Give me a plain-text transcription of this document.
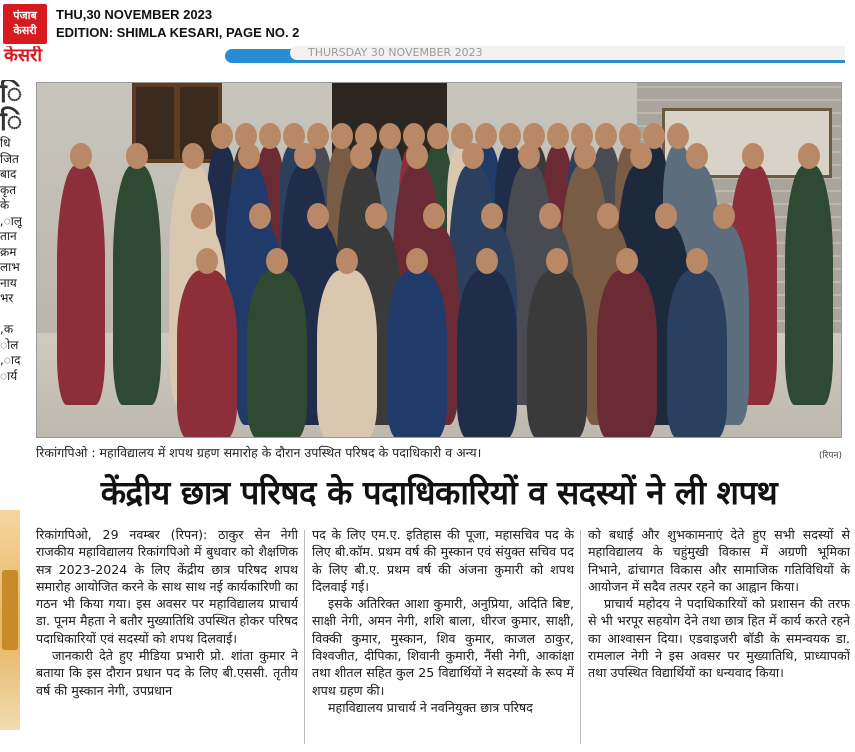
पंजाब
केसरी
THU,30 NOVEMBER 2023
EDITION: SHIMLA KESARI, PAGE NO. 2
केसरी	THURSDAY 30 NOVEMBER 2023
ि
ि
धि
जित
बाद
कृत
के
ालू,
तान
क्रम
लाभ
नाय
भर

क,
ोल
ाद,
ार्य
रिकांगपिओ : महाविद्यालय में शपथ ग्रहण समारोह के दौरान उपस्थित परिषद के पदाधिकारी व अन्य।	(रिपन)
केंद्रीय छात्र परिषद के पदाधिकारियों व सदस्यों ने ली शपथ

रिकांगपिओ, 29 नवम्बर (रिपन): ठाकुर सेन नेगी राजकीय महाविद्यालय रिकांगपिओ में बुधवार को शैक्षणिक सत्र 2023-2024 के लिए केंद्रीय छात्र परिषद शपथ समारोह आयोजित करने के साथ साथ नई कार्यकारिणी का गठन भी किया गया। इस अवसर पर महाविद्यालय प्राचार्य डा. पूनम मैहता ने बतौर मुख्यातिथि उपस्थित होकर परिषद पदाधिकारियों एवं सदस्यों को शपथ दिलवाई।

जानकारी देते हुए मीडिया प्रभारी प्रो. शांता कुमार ने बताया कि इस दौरान प्रधान पद के लिए बी.एससी. तृतीय वर्ष की मुस्कान नेगी, उपप्रधान

पद के लिए एम.ए. इतिहास की पूजा, महासचिव पद के लिए बी.कॉम. प्रथम वर्ष की मुस्कान एवं संयुक्त सचिव पद के लिए बी.ए. प्रथम वर्ष की अंजना कुमारी को शपथ दिलवाई गई।

इसके अतिरिक्त आशा कुमारी, अनुप्रिया, अदिति बिष्ट, साक्षी नेगी, अमन नेगी, शशि बाला, धीरज कुमार, साक्षी, विक्की कुमार, मुस्कान, शिव कुमार, काजल ठाकुर, विश्वजीत, दीपिका, शिवानी कुमारी, नैंसी नेगी, आकांक्षा तथा शीतल सहित कुल 25 विद्यार्थियों ने सदस्यों के रूप में शपथ ग्रहण की।

महाविद्यालय प्राचार्य ने नवनियुक्त छात्र परिषद

को बधाई और शुभकामनाएं देते हुए सभी सदस्यों से महाविद्यालय के चहुंमुखी विकास में अग्रणी भूमिका निभाने, ढांचागत विकास और सामाजिक गतिविधियों के आयोजन में सदैव तत्पर रहने का आह्वान किया।

प्राचार्य महोदय ने पदाधिकारियों को प्रशासन की तरफ से भी भरपूर सहयोग देने तथा छात्र हित में कार्य करते रहने का आश्वासन दिया। एडवाइजरी बॉडी के समन्वयक डा. रामलाल नेगी ने इस अवसर पर मुख्यातिथि, प्राध्यापकों तथा उपस्थित विद्यार्थियों का धन्यवाद किया।
